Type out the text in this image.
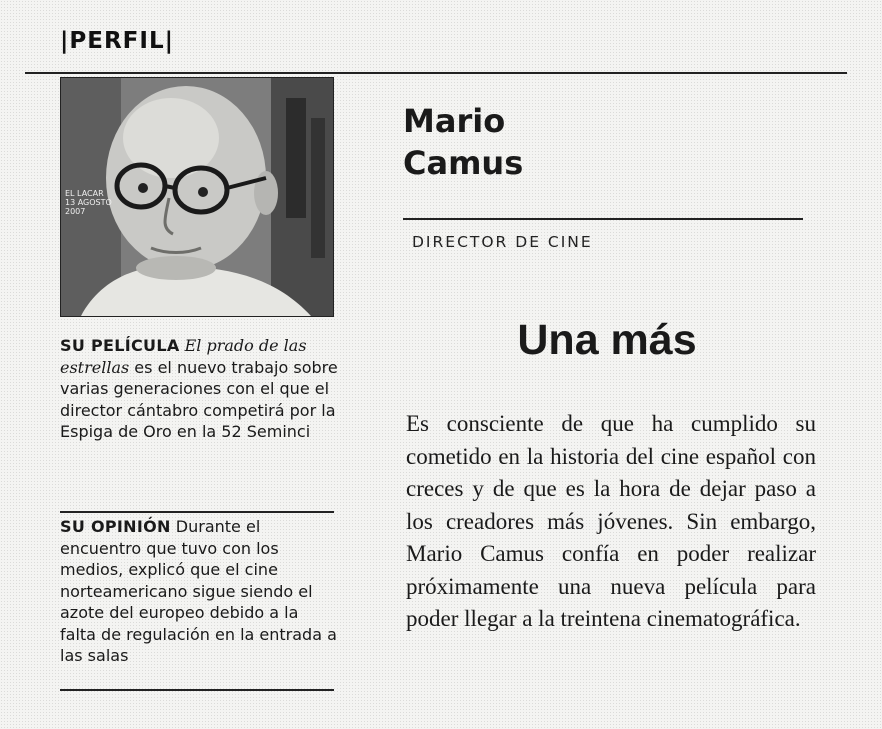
|PERFIL|
EL LACAR 13 AGOSTO 2007
SU PELÍCULA El prado de las estrellas es el nuevo trabajo sobre varias generaciones con el que el director cántabro competirá por la Espiga de Oro en la 52 Seminci
SU OPINIÓN Durante el encuentro que tuvo con los medios, explicó que el cine norteamericano sigue siendo el azote del europeo debido a la falta de regulación en la entrada a las salas
Mario
Camus
DIRECTOR DE CINE
Una más
Es consciente de que ha cumplido su cometido en la historia del cine español con creces y de que es la hora de dejar paso a los creadores más jóvenes. Sin embargo, Mario Camus confía en poder realizar próximamente una nueva película para poder llegar a la treintena cinematográfica.
